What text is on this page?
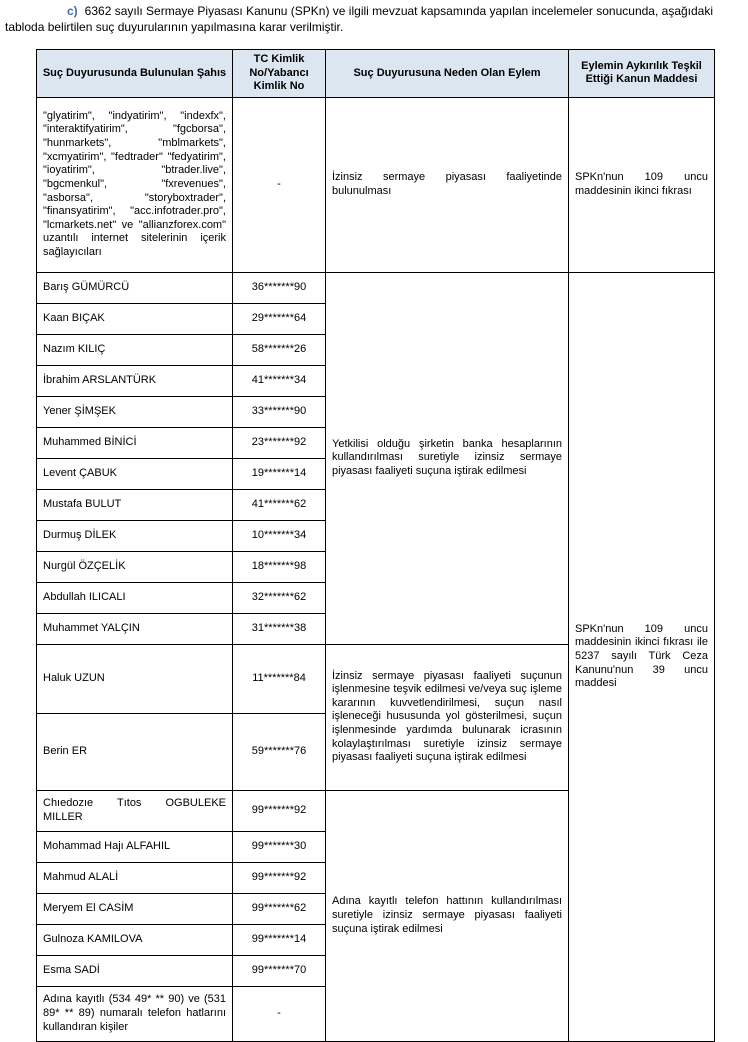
c) 6362 sayılı Sermaye Piyasası Kanunu (SPKn) ve ilgili mevzuat kapsamında yapılan incelemeler sonucunda, aşağıdaki tabloda belirtilen suç duyurularının yapılmasına karar verilmiştir.

Suç Duyurusunda Bulunulan Şahıs	TC Kimlik No/Yabancı Kimlik No	Suç Duyurusuna Neden Olan Eylem	Eylemin Aykırılık Teşkil Ettiği Kanun Maddesi
"glyatirim", "indyatirim", "indexfx", "interaktifyatirim", "fgcborsa", "hunmarkets", "mblmarkets", "xcmyatirim", "fedtrader" "fedyatirim", "ioyatirim", "btrader.live", "bgcmenkul", "fxrevenues", "asborsa", "storyboxtrader", "finansyatirim", "acc.infotrader.pro", "lcmarkets.net" ve "allianzforex.com" uzantılı internet sitelerinin içerik sağlayıcıları	-	İzinsiz sermaye piyasası faaliyetinde bulunulması	SPKn'nun 109 uncu maddesinin ikinci fıkrası
Barış GÜMÜRCÜ	36*******90	Yetkilisi olduğu şirketin banka hesaplarının kullandırılması suretiyle izinsiz sermaye piyasası faaliyeti suçuna iştirak edilmesi	SPKn'nun 109 uncu maddesinin ikinci fıkrası ile 5237 sayılı Türk Ceza Kanunu'nun 39 uncu maddesi
Kaan BIÇAK	29*******64		
Nazım KILIÇ	58*******26		
İbrahim ARSLANTÜRK	41*******34		
Yener ŞİMŞEK	33*******90		
Muhammed BİNİCİ	23*******92		
Levent ÇABUK	19*******14		
Mustafa BULUT	41*******62		
Durmuş DİLEK	10*******34		
Nurgül ÖZÇELİK	18*******98		
Abdullah ILICALI	32*******62		
Muhammet YALÇIN	31*******38		
Haluk UZUN	11*******84	İzinsiz sermaye piyasası faaliyeti suçunun işlenmesine teşvik edilmesi ve/veya suç işleme kararının kuvvetlendirilmesi, suçun nasıl işleneceği hususunda yol gösterilmesi, suçun işlenmesinde yardımda bulunarak icrasının kolaylaştırılması suretiyle izinsiz sermaye piyasası faaliyeti suçuna iştirak edilmesi	
Berin ER	59*******76		
Chıedozıe Tıtos OGBULEKE MILLER	99*******92	Adına kayıtlı telefon hattının kullandırılması suretiyle izinsiz sermaye piyasası faaliyeti suçuna iştirak edilmesi	
Mohammad Hajı ALFAHIL	99*******30		
Mahmud ALALİ	99*******92		
Meryem El CASİM	99*******62		
Gulnoza KAMILOVA	99*******14		
Esma SADİ	99*******70		
Adına kayıtlı (534 49* ** 90) ve (531 89* ** 89) numaralı telefon hatlarını kullandıran kişiler	-		
